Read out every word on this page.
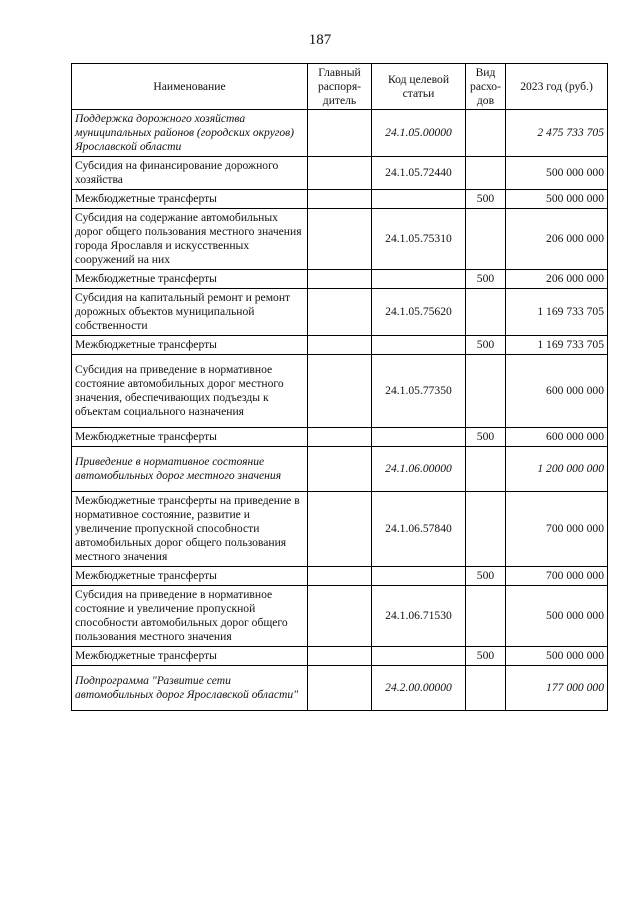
187
Наименование	Главный распоря-дитель	Код целевой статьи	Вид расхо-дов	2023 год (руб.)
Поддержка дорожного хозяйства муниципальных районов (городских округов) Ярославской области		24.1.05.00000		2 475 733 705
Субсидия на финансирование дорожного хозяйства		24.1.05.72440		500 000 000
Межбюджетные трансферты			500	500 000 000
Субсидия на содержание автомобильных дорог общего пользования местного значения города Ярославля и искусственных сооружений на них		24.1.05.75310		206 000 000
Межбюджетные трансферты			500	206 000 000
Субсидия на капитальный ремонт и ремонт дорожных объектов муниципальной собственности		24.1.05.75620		1 169 733 705
Межбюджетные трансферты			500	1 169 733 705
Субсидия на приведение в нормативное состояние автомобильных дорог местного значения, обеспечивающих подъезды к объектам социального назначения		24.1.05.77350		600 000 000
Межбюджетные трансферты			500	600 000 000
Приведение в нормативное состояние автомобильных дорог местного значения		24.1.06.00000		1 200 000 000
Межбюджетные трансферты на приведение в нормативное состояние, развитие и увеличение пропускной способности автомобильных дорог общего пользования местного значения		24.1.06.57840		700 000 000
Межбюджетные трансферты			500	700 000 000
Субсидия на приведение в нормативное состояние и увеличение пропускной способности автомобильных дорог общего пользования местного значения		24.1.06.71530		500 000 000
Межбюджетные трансферты			500	500 000 000
Подпрограмма "Развитие сети автомобильных дорог Ярославской области"		24.2.00.00000		177 000 000
